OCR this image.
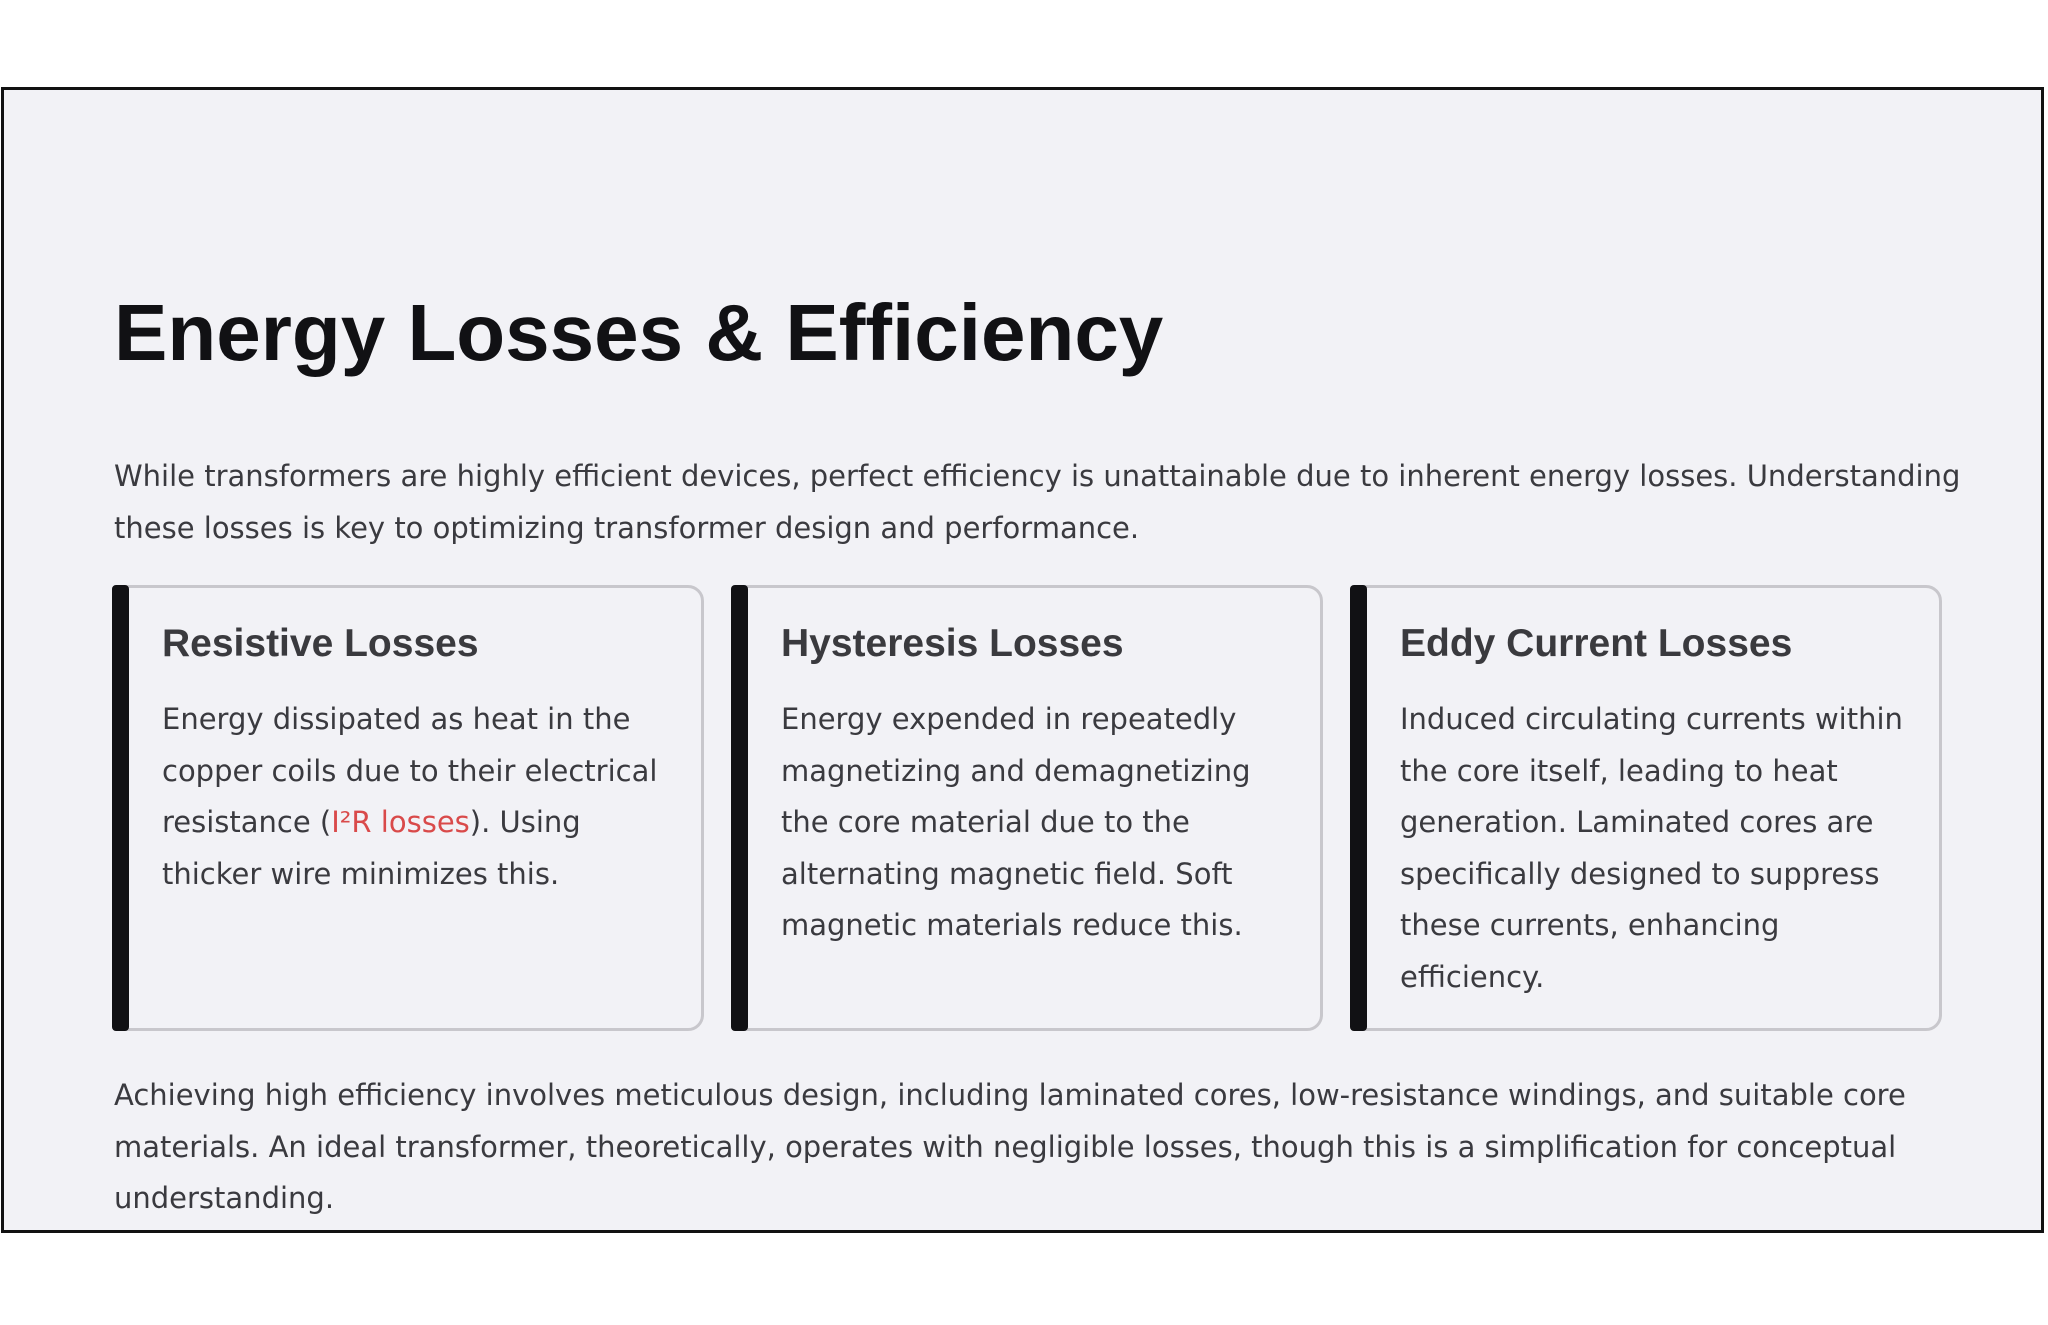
Energy Losses & Efficiency

While transformers are highly efficient devices, perfect efficiency is unattainable due to inherent energy losses. Understanding these losses is key to optimizing transformer design and performance.

Resistive Losses

Energy dissipated as heat in the copper coils due to their electrical resistance (I²R losses). Using thicker wire minimizes this.

Hysteresis Losses

Energy expended in repeatedly magnetizing and demagnetizing the core material due to the alternating magnetic field. Soft magnetic materials reduce this.

Eddy Current Losses

Induced circulating currents within the core itself, leading to heat generation. Laminated cores are specifically designed to suppress these currents, enhancing efficiency.

Achieving high efficiency involves meticulous design, including laminated cores, low-resistance windings, and suitable core materials. An ideal transformer, theoretically, operates with negligible losses, though this is a simplification for conceptual understanding.
